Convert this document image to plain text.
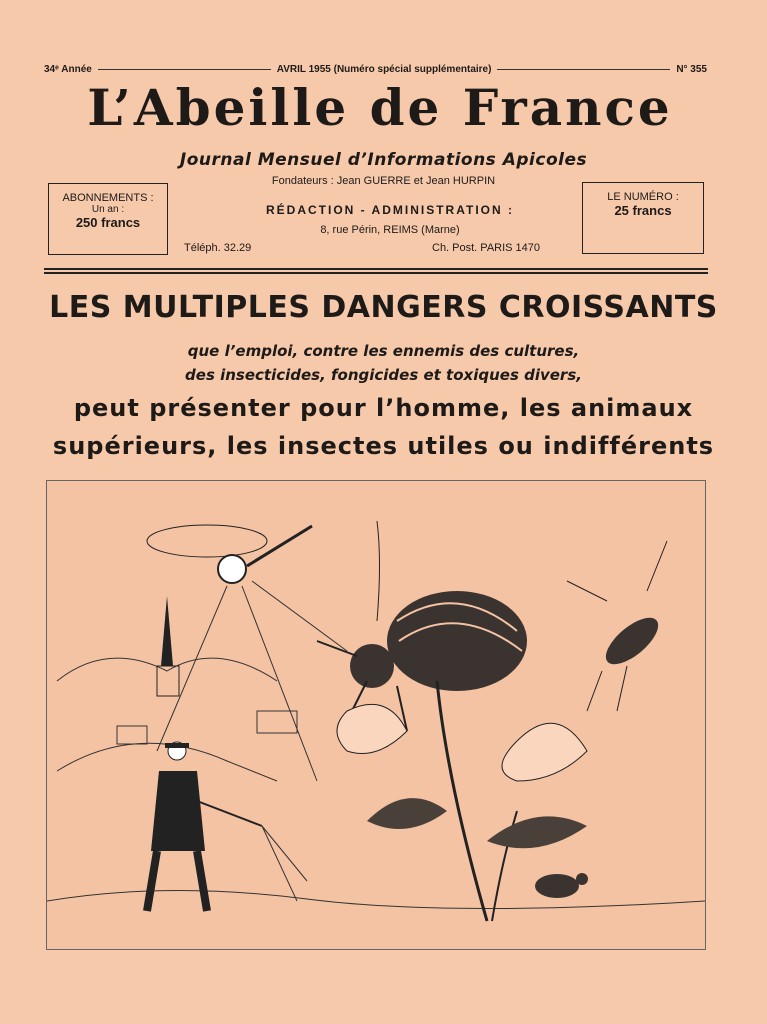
34ᵉ Année	AVRIL 1955 (Numéro spécial supplémentaire)	N° 355
L’Abeille de France
Journal Mensuel d’Informations Apicoles
Fondateurs : Jean GUERRE et Jean HURPIN
ABONNEMENTS :
Un an :
250 francs
RÉDACTION - ADMINISTRATION :
8, rue Périn, REIMS (Marne)
Téléph. 32.29	Ch. Post. PARIS 1470
LE NUMÉRO :
25 francs
LES MULTIPLES DANGERS CROISSANTS
que l’emploi, contre les ennemis des cultures,
des insecticides, fongicides et toxiques divers,
peut présenter pour l’homme, les animaux
supérieurs, les insectes utiles ou indifférents
